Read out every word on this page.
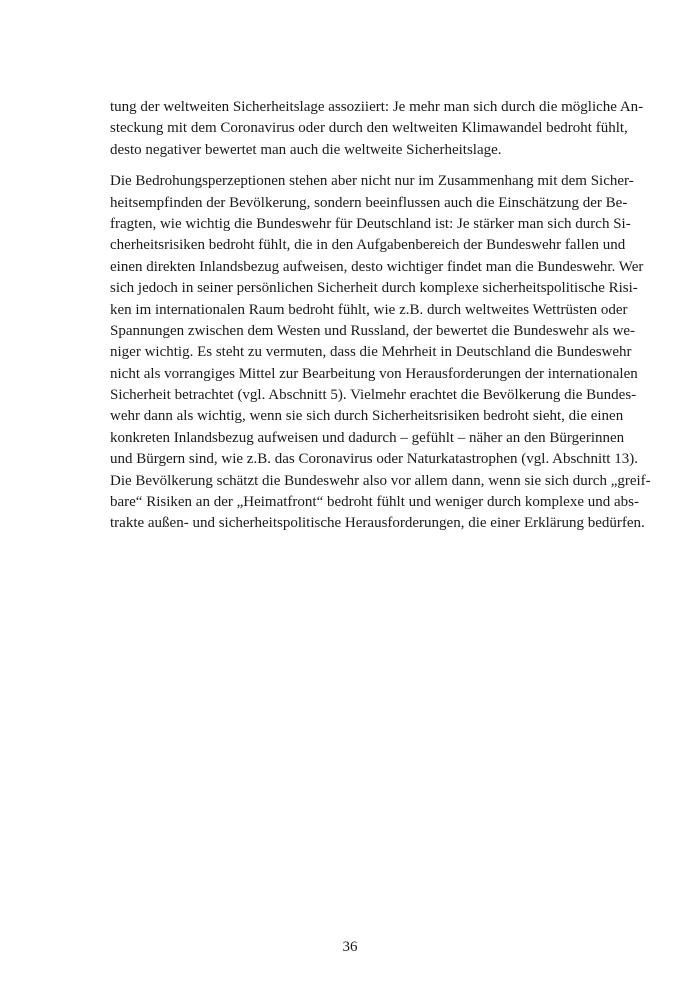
tung der weltweiten Sicherheitslage assoziiert: Je mehr man sich durch die mögliche An-
steckung mit dem Coronavirus oder durch den weltweiten Klimawandel bedroht fühlt,
desto negativer bewertet man auch die weltweite Sicherheitslage.

Die Bedrohungsperzeptionen stehen aber nicht nur im Zusammenhang mit dem Sicher-
heitsempfinden der Bevölkerung, sondern beeinflussen auch die Einschätzung der Be-
fragten, wie wichtig die Bundeswehr für Deutschland ist: Je stärker man sich durch Si-
cherheitsrisiken bedroht fühlt, die in den Aufgabenbereich der Bundeswehr fallen und
einen direkten Inlandsbezug aufweisen, desto wichtiger findet man die Bundeswehr. Wer
sich jedoch in seiner persönlichen Sicherheit durch komplexe sicherheitspolitische Risi-
ken im internationalen Raum bedroht fühlt, wie z.B. durch weltweites Wettrüsten oder
Spannungen zwischen dem Westen und Russland, der bewertet die Bundeswehr als we-
niger wichtig. Es steht zu vermuten, dass die Mehrheit in Deutschland die Bundeswehr
nicht als vorrangiges Mittel zur Bearbeitung von Herausforderungen der internationalen
Sicherheit betrachtet (vgl. Abschnitt 5). Vielmehr erachtet die Bevölkerung die Bundes-
wehr dann als wichtig, wenn sie sich durch Sicherheitsrisiken bedroht sieht, die einen
konkreten Inlandsbezug aufweisen und dadurch – gefühlt – näher an den Bürgerinnen
und Bürgern sind, wie z.B. das Coronavirus oder Naturkatastrophen (vgl. Abschnitt 13).
Die Bevölkerung schätzt die Bundeswehr also vor allem dann, wenn sie sich durch „greif-
bare“ Risiken an der „Heimatfront“ bedroht fühlt und weniger durch komplexe und abs-
trakte außen- und sicherheitspolitische Herausforderungen, die einer Erklärung bedürfen.

36
